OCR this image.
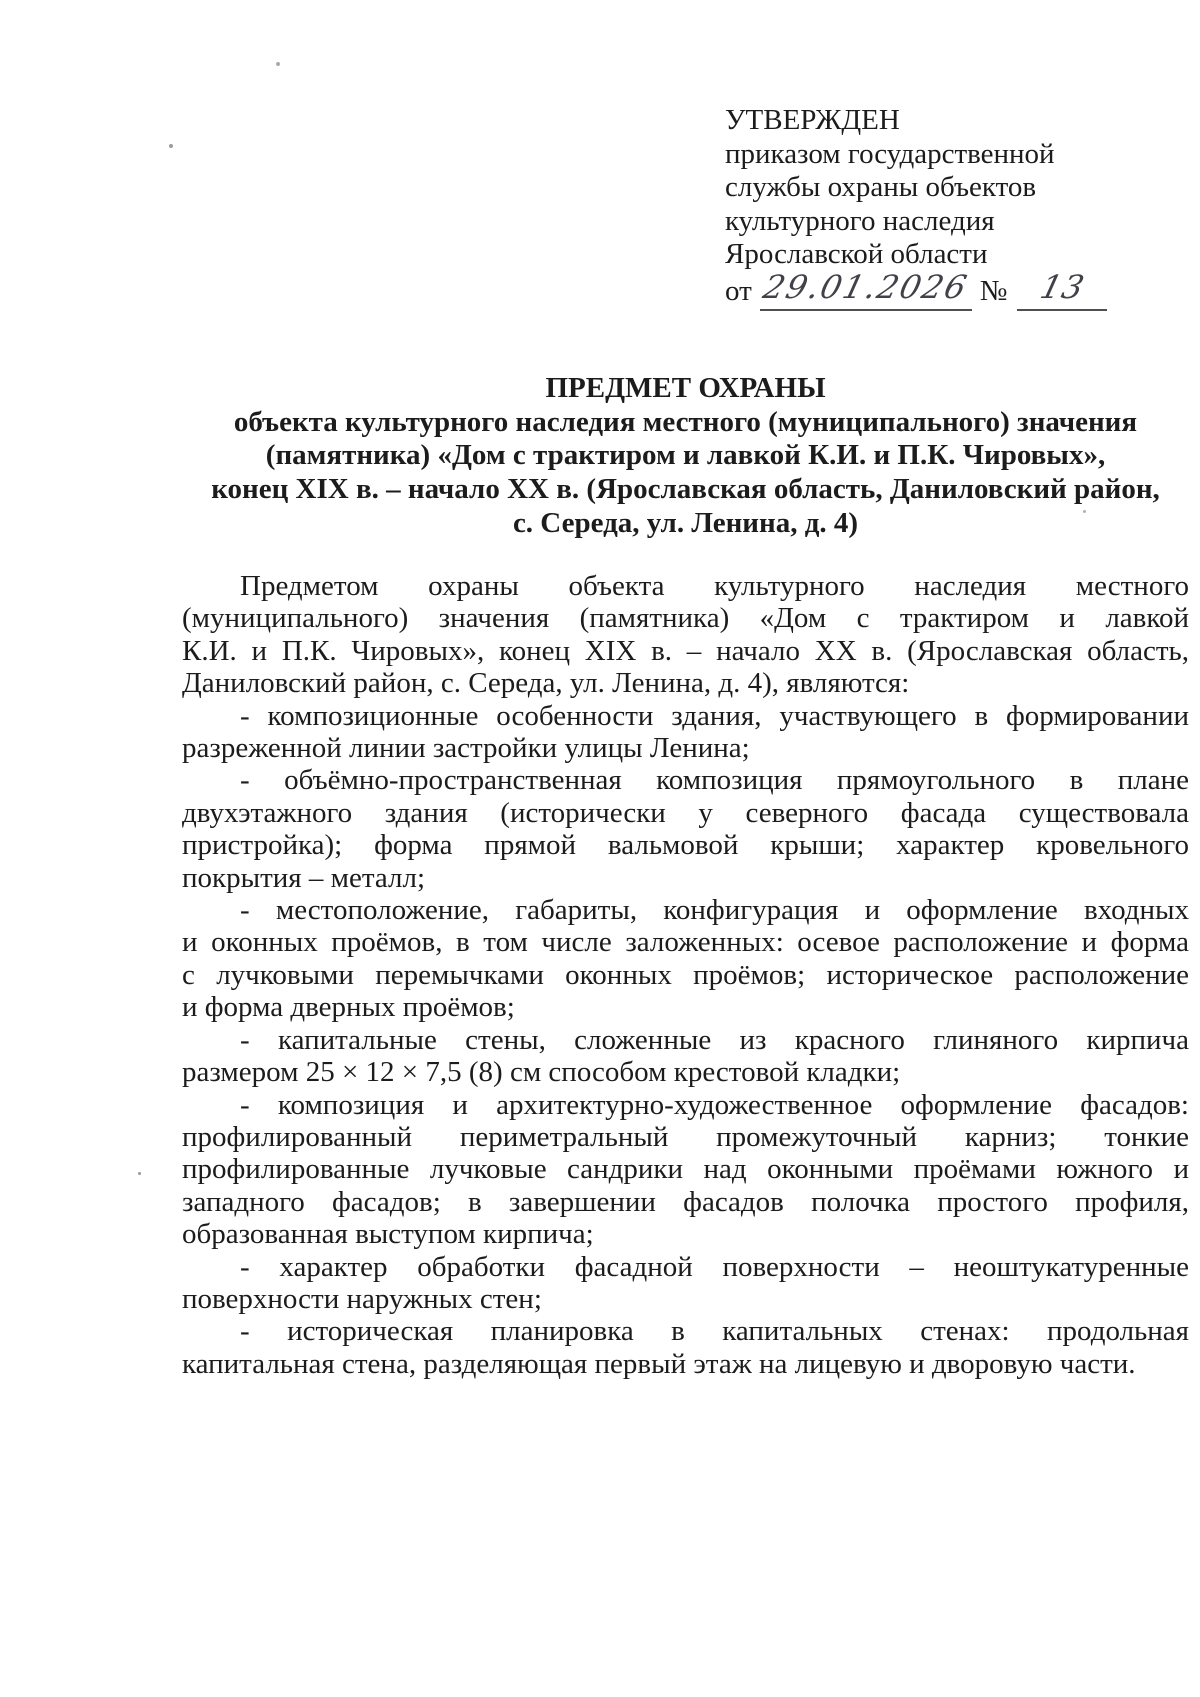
УТВЕРЖДЕН
приказом государственной
службы охраны объектов
культурного наследия
Ярославской области
от 29.01.2026 № 13
ПРЕДМЕТ ОХРАНЫ
объекта культурного наследия местного (муниципального) значения
(памятника) «Дом с трактиром и лавкой К.И. и П.К. Чировых»,
конец XIX в. – начало XX в. (Ярославская область, Даниловский район,
с. Середа, ул. Ленина, д. 4)
Предметом охраны объекта культурного наследия местного
(муниципального) значения (памятника) «Дом с трактиром и лавкой
К.И. и П.К. Чировых», конец XIX в. – начало XX в. (Ярославская область,
Даниловский район, с. Середа, ул. Ленина, д. 4), являются:
- композиционные особенности здания, участвующего в формировании
разреженной линии застройки улицы Ленина;
- объёмно-пространственная композиция прямоугольного в плане
двухэтажного здания (исторически у северного фасада существовала
пристройка); форма прямой вальмовой крыши; характер кровельного
покрытия – металл;
- местоположение, габариты, конфигурация и оформление входных
и оконных проёмов, в том числе заложенных: осевое расположение и форма
с лучковыми перемычками оконных проёмов; историческое расположение
и форма дверных проёмов;
- капитальные стены, сложенные из красного глиняного кирпича
размером 25 × 12 × 7,5 (8) см способом крестовой кладки;
- композиция и архитектурно-художественное оформление фасадов:
профилированный периметральный промежуточный карниз; тонкие
профилированные лучковые сандрики над оконными проёмами южного и
западного фасадов; в завершении фасадов полочка простого профиля,
образованная выступом кирпича;
- характер обработки фасадной поверхности – неоштукатуренные
поверхности наружных стен;
- историческая планировка в капитальных стенах: продольная
капитальная стена, разделяющая первый этаж на лицевую и дворовую части.
